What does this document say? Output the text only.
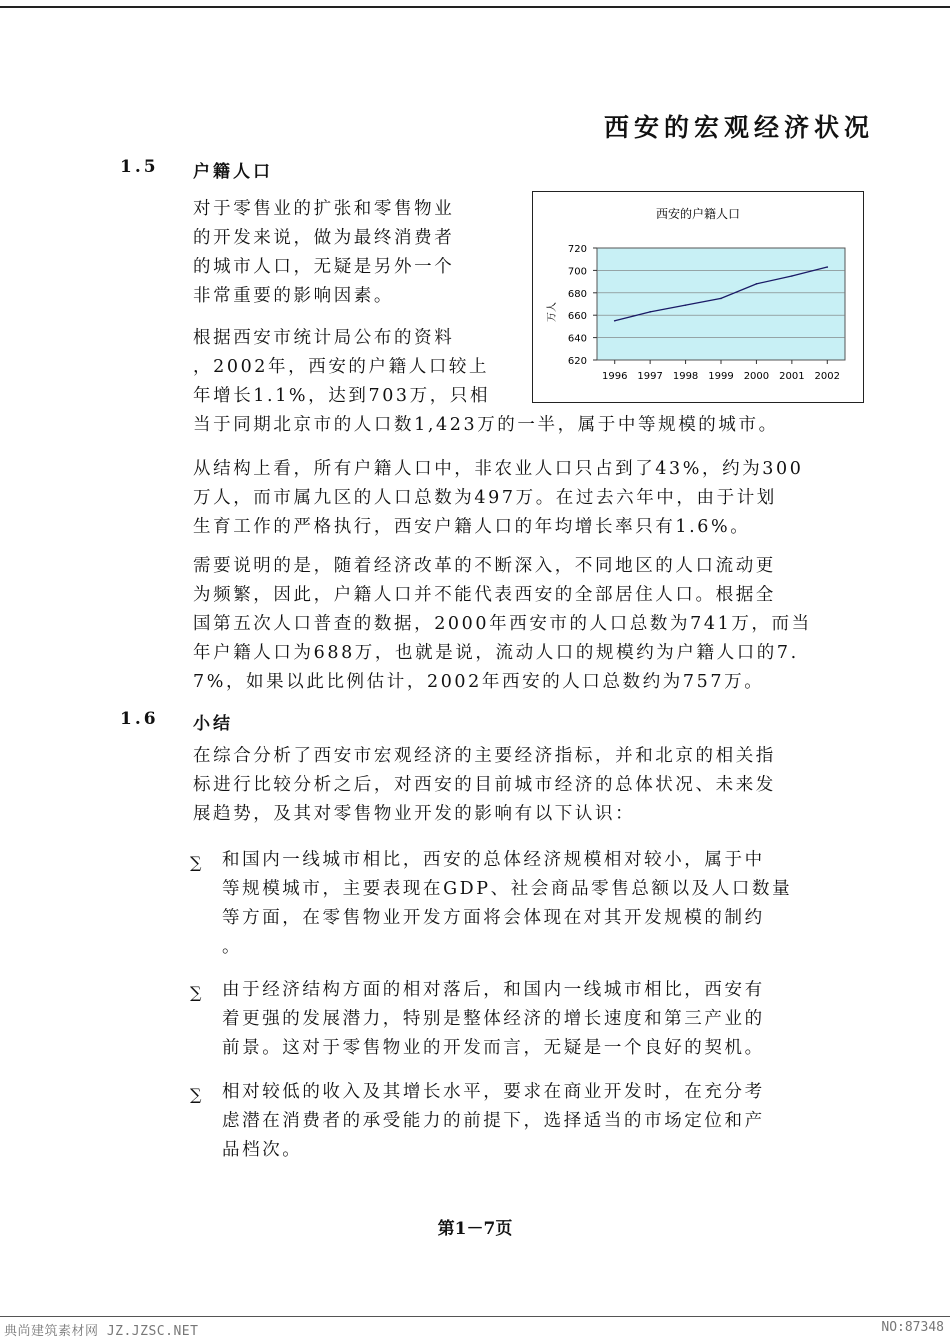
西安的宏观经济状况
1.5 户籍人口
对于零售业的扩张和零售物业
的开发来说，做为最终消费者
的城市人口，无疑是另外一个
非常重要的影响因素。
根据西安市统计局公布的资料
，2002年，西安的户籍人口较上
年增长1.1%，达到703万，只相
当于同期北京市的人口数1,423万的一半，属于中等规模的城市。
西安的户籍人口
620
640
660
680
700
720
1996 1997 1998 1999 2000 2001 2002
万人
从结构上看，所有户籍人口中，非农业人口只占到了43%，约为300
万人，而市属九区的人口总数为497万。在过去六年中，由于计划
生育工作的严格执行，西安户籍人口的年均增长率只有1.6%。
需要说明的是，随着经济改革的不断深入，不同地区的人口流动更
为频繁，因此，户籍人口并不能代表西安的全部居住人口。根据全
国第五次人口普查的数据，2000年西安市的人口总数为741万，而当
年户籍人口为688万，也就是说，流动人口的规模约为户籍人口的7.
7%，如果以此比例估计，2002年西安的人口总数约为757万。
1.6 小结
在综合分析了西安市宏观经济的主要经济指标，并和北京的相关指
标进行比较分析之后，对西安的目前城市经济的总体状况、未来发
展趋势，及其对零售物业开发的影响有以下认识：
∑ 和国内一线城市相比，西安的总体经济规模相对较小，属于中
等规模城市，主要表现在GDP、社会商品零售总额以及人口数量
等方面，在零售物业开发方面将会体现在对其开发规模的制约
。
∑ 由于经济结构方面的相对落后，和国内一线城市相比，西安有
着更强的发展潜力，特别是整体经济的增长速度和第三产业的
前景。这对于零售物业的开发而言，无疑是一个良好的契机。
∑ 相对较低的收入及其增长水平，要求在商业开发时，在充分考
虑潜在消费者的承受能力的前提下，选择适当的市场定位和产
品档次。
第1－7页
典尚建筑素材网 JZ.JZSC.NET	NO:87348
